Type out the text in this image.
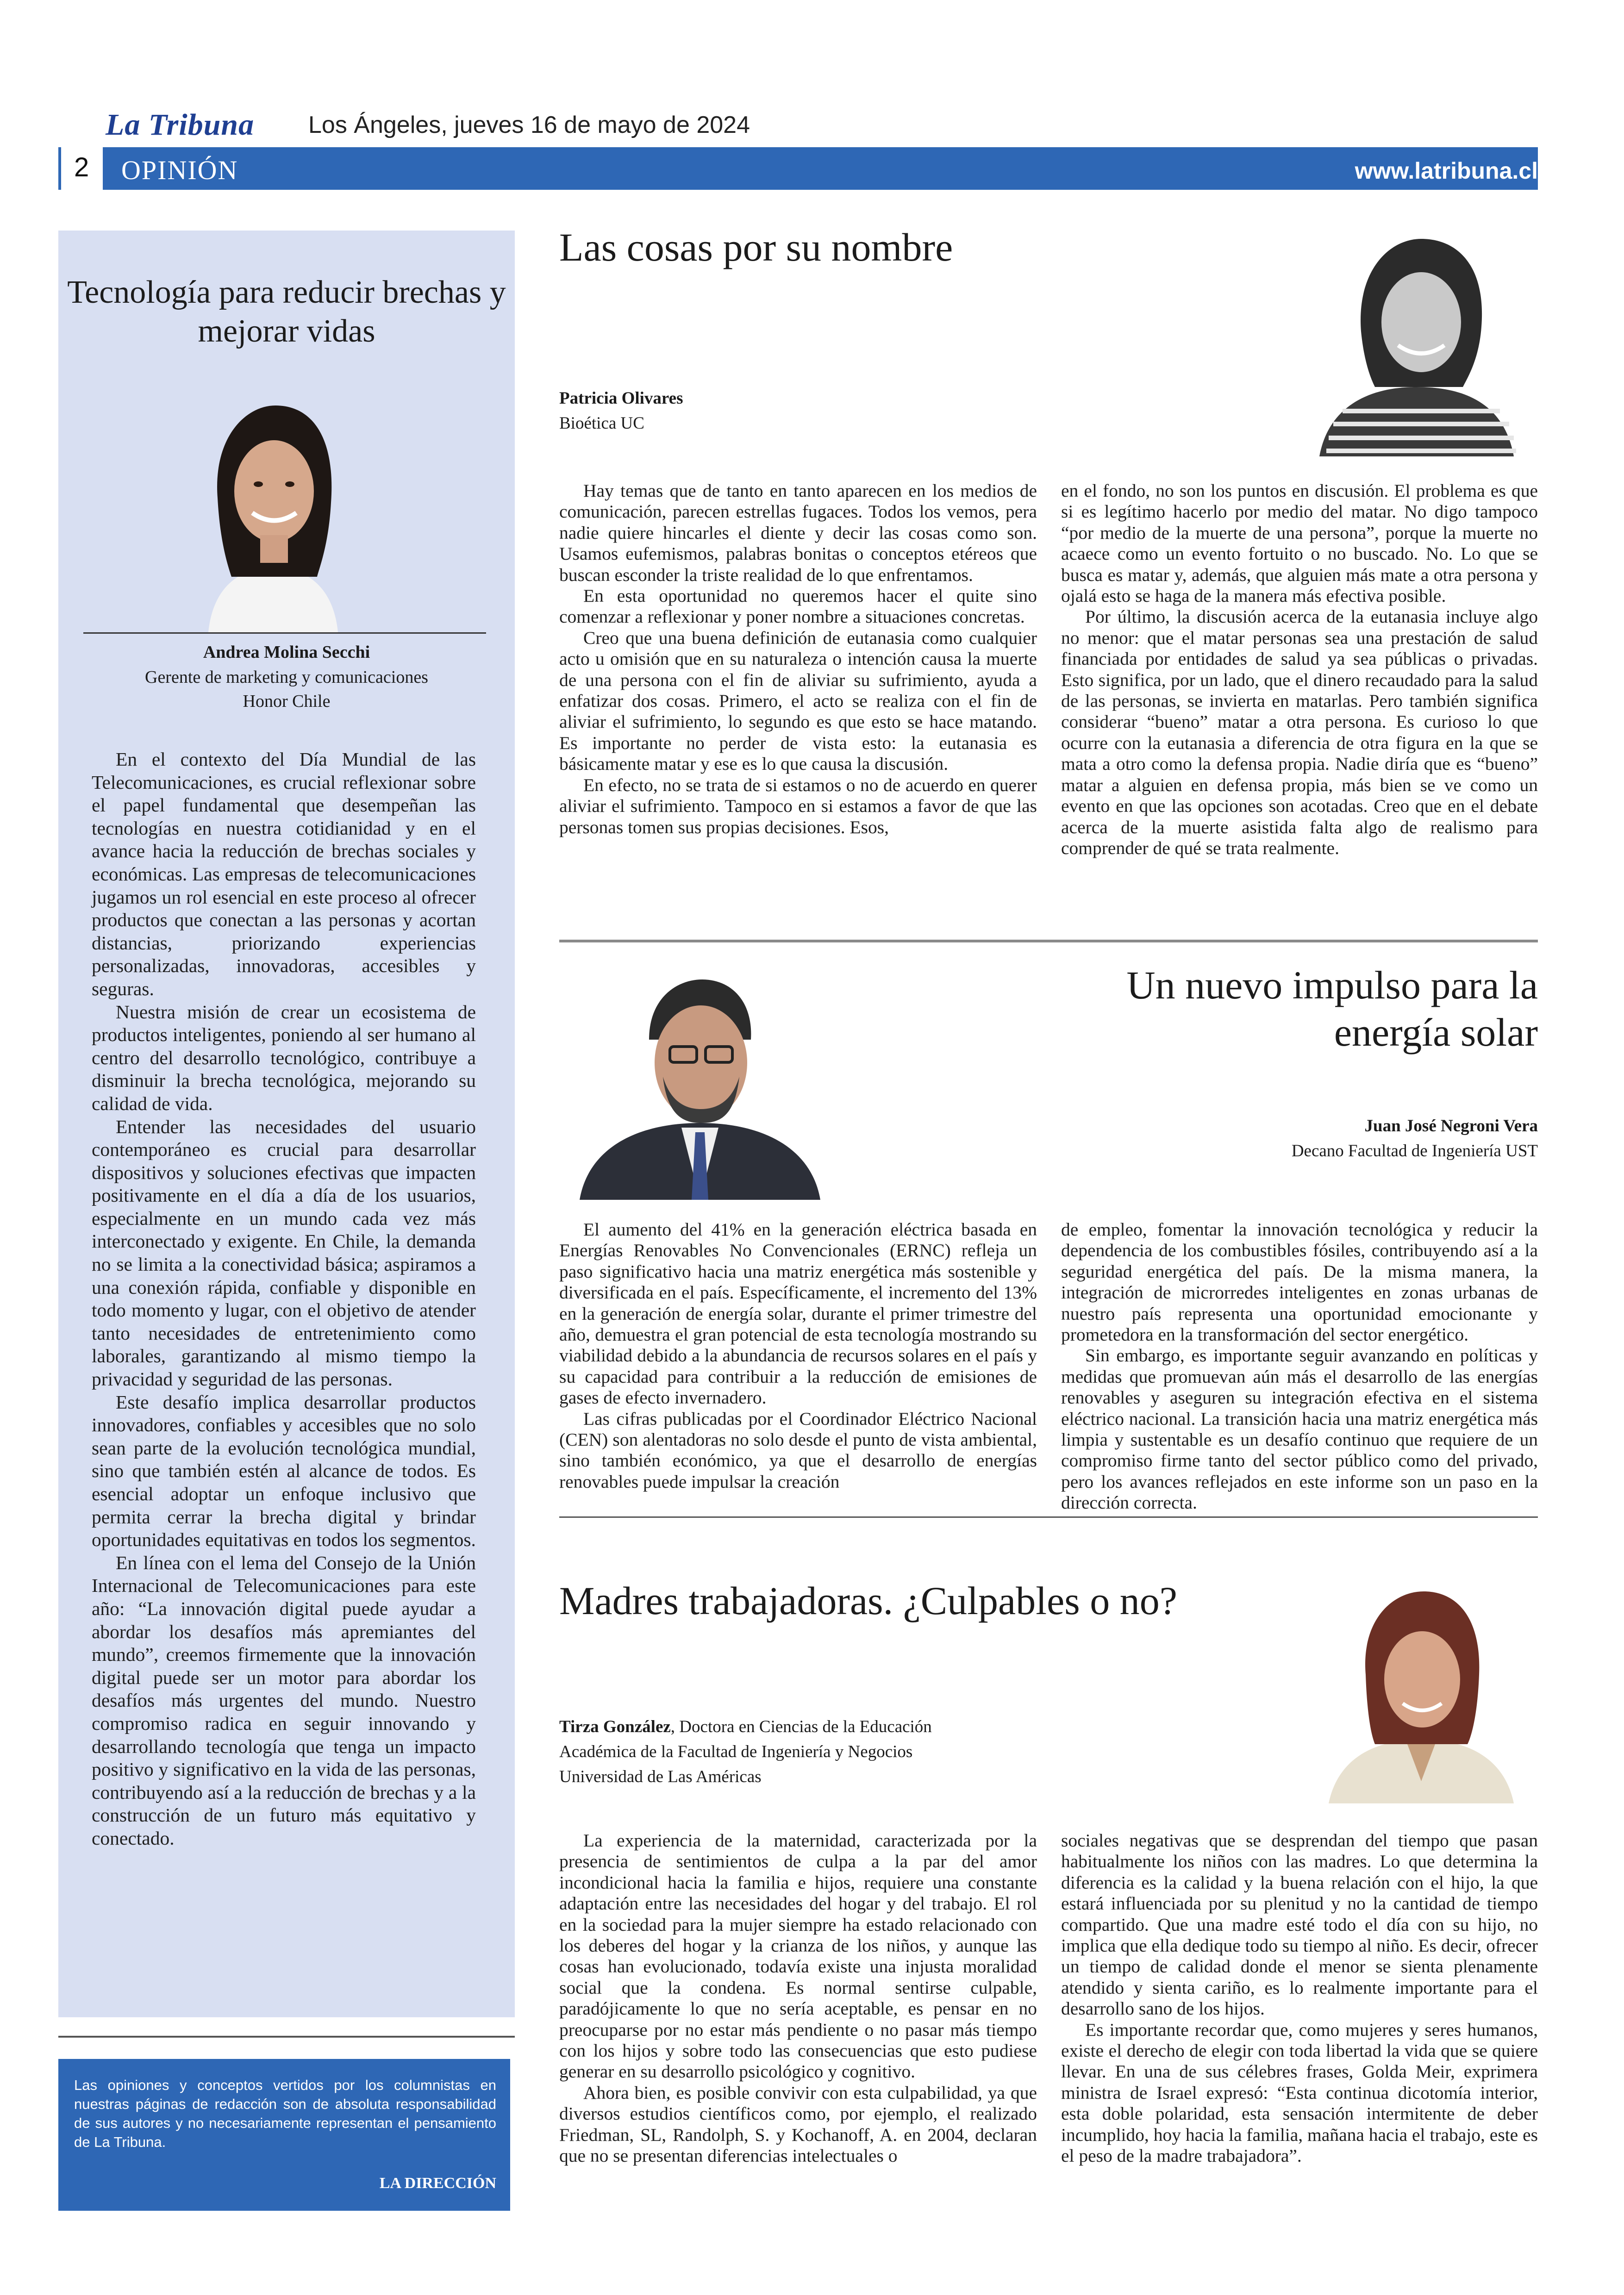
La Tribuna Los Ángeles, jueves 16 de mayo de 2024
2 OPINIÓN	www.latribuna.cl
Tecnología para reducir brechas y mejorar vidas
Andrea Molina Secchi
Gerente de marketing y comunicaciones
Honor Chile

En el contexto del Día Mundial de las Telecomunicaciones, es crucial reflexionar sobre el papel fundamental que desempeñan las tecnologías en nuestra cotidianidad y en el avance hacia la reducción de brechas sociales y económicas. Las empresas de telecomunicaciones jugamos un rol esencial en este proceso al ofrecer productos que conectan a las personas y acortan distancias, priorizando experiencias personalizadas, innovadoras, accesibles y seguras.

Nuestra misión de crear un ecosistema de productos inteligentes, poniendo al ser humano al centro del desarrollo tecnológico, contribuye a disminuir la brecha tecnológica, mejorando su calidad de vida.

Entender las necesidades del usuario contemporáneo es crucial para desarrollar dispositivos y soluciones efectivas que impacten positivamente en el día a día de los usuarios, especialmente en un mundo cada vez más interconectado y exigente. En Chile, la demanda no se limita a la conectividad básica; aspiramos a una conexión rápida, confiable y disponible en todo momento y lugar, con el objetivo de atender tanto necesidades de entretenimiento como laborales, garantizando al mismo tiempo la privacidad y seguridad de las personas.

Este desafío implica desarrollar productos innovadores, confiables y accesibles que no solo sean parte de la evolución tecnológica mundial, sino que también estén al alcance de todos. Es esencial adoptar un enfoque inclusivo que permita cerrar la brecha digital y brindar oportunidades equitativas en todos los segmentos.

En línea con el lema del Consejo de la Unión Internacional de Telecomunicaciones para este año: “La innovación digital puede ayudar a abordar los desafíos más apremiantes del mundo”, creemos firmemente que la innovación digital puede ser un motor para abordar los desafíos más urgentes del mundo. Nuestro compromiso radica en seguir innovando y desarrollando tecnología que tenga un impacto positivo y significativo en la vida de las personas, contribuyendo así a la reducción de brechas y a la construcción de un futuro más equitativo y conectado.

Las opiniones y conceptos vertidos por los columnistas en nuestras páginas de redacción son de absoluta responsabilidad de sus autores y no necesariamente representan el pensamiento de La Tribuna.
LA DIRECCIÓN
Las cosas por su nombre
Patricia Olivares
Bioética UC

Hay temas que de tanto en tanto aparecen en los medios de comunicación, parecen estrellas fugaces. Todos los vemos, pera nadie quiere hincarles el diente y decir las cosas como son. Usamos eufemismos, palabras bonitas o conceptos etéreos que buscan esconder la triste realidad de lo que enfrentamos.

En esta oportunidad no queremos hacer el quite sino comenzar a reflexionar y poner nombre a situaciones concretas.

Creo que una buena definición de eutanasia como cualquier acto u omisión que en su naturaleza o intención causa la muerte de una persona con el fin de aliviar su sufrimiento, ayuda a enfatizar dos cosas. Primero, el acto se realiza con el fin de aliviar el sufrimiento, lo segundo es que esto se hace matando. Es importante no perder de vista esto: la eutanasia es básicamente matar y ese es lo que causa la discusión.

En efecto, no se trata de si estamos o no de acuerdo en querer aliviar el sufrimiento. Tampoco en si estamos a favor de que las personas tomen sus propias decisiones. Esos,

en el fondo, no son los puntos en discusión. El problema es que si es legítimo hacerlo por medio del matar. No digo tampoco “por medio de la muerte de una persona”, porque la muerte no acaece como un evento fortuito o no buscado. No. Lo que se busca es matar y, además, que alguien más mate a otra persona y ojalá esto se haga de la manera más efectiva posible.

Por último, la discusión acerca de la eutanasia incluye algo no menor: que el matar personas sea una prestación de salud financiada por entidades de salud ya sea públicas o privadas. Esto significa, por un lado, que el dinero recaudado para la salud de las personas, se invierta en matarlas. Pero también significa considerar “bueno” matar a otra persona. Es curioso lo que ocurre con la eutanasia a diferencia de otra figura en la que se mata a otro como la defensa propia. Nadie diría que es “bueno” matar a alguien en defensa propia, más bien se ve como un evento en que las opciones son acotadas. Creo que en el debate acerca de la muerte asistida falta algo de realismo para comprender de qué se trata realmente.

Un nuevo impulso para la
energía solar
Juan José Negroni Vera
Decano Facultad de Ingeniería UST

El aumento del 41% en la generación eléctrica basada en Energías Renovables No Convencionales (ERNC) refleja un paso significativo hacia una matriz energética más sostenible y diversificada en el país. Específicamente, el incremento del 13% en la generación de energía solar, durante el primer trimestre del año, demuestra el gran potencial de esta tecnología mostrando su viabilidad debido a la abundancia de recursos solares en el país y su capacidad para contribuir a la reducción de emisiones de gases de efecto invernadero.

Las cifras publicadas por el Coordinador Eléctrico Nacional (CEN) son alentadoras no solo desde el punto de vista ambiental, sino también económico, ya que el desarrollo de energías renovables puede impulsar la creación

de empleo, fomentar la innovación tecnológica y reducir la dependencia de los combustibles fósiles, contribuyendo así a la seguridad energética del país. De la misma manera, la integración de microrredes inteligentes en zonas urbanas de nuestro país representa una oportunidad emocionante y prometedora en la transformación del sector energético.

Sin embargo, es importante seguir avanzando en políticas y medidas que promuevan aún más el desarrollo de las energías renovables y aseguren su integración efectiva en el sistema eléctrico nacional. La transición hacia una matriz energética más limpia y sustentable es un desafío continuo que requiere de un compromiso firme tanto del sector público como del privado, pero los avances reflejados en este informe son un paso en la dirección correcta.

Madres trabajadoras. ¿Culpables o no?
Tirza González, Doctora en Ciencias de la Educación
Académica de la Facultad de Ingeniería y Negocios
Universidad de Las Américas

La experiencia de la maternidad, caracterizada por la presencia de sentimientos de culpa a la par del amor incondicional hacia la familia e hijos, requiere una constante adaptación entre las necesidades del hogar y del trabajo. El rol en la sociedad para la mujer siempre ha estado relacionado con los deberes del hogar y la crianza de los niños, y aunque las cosas han evolucionado, todavía existe una injusta moralidad social que la condena. Es normal sentirse culpable, paradójicamente lo que no sería aceptable, es pensar en no preocuparse por no estar más pendiente o no pasar más tiempo con los hijos y sobre todo las consecuencias que esto pudiese generar en su desarrollo psicológico y cognitivo.

Ahora bien, es posible convivir con esta culpabilidad, ya que diversos estudios científicos como, por ejemplo, el realizado Friedman, SL, Randolph, S. y Kochanoff, A. en 2004, declaran que no se presentan diferencias intelectuales o

sociales negativas que se desprendan del tiempo que pasan habitualmente los niños con las madres. Lo que determina la diferencia es la calidad y la buena relación con el hijo, la que estará influenciada por su plenitud y no la cantidad de tiempo compartido. Que una madre esté todo el día con su hijo, no implica que ella dedique todo su tiempo al niño. Es decir, ofrecer un tiempo de calidad donde el menor se sienta plenamente atendido y sienta cariño, es lo realmente importante para el desarrollo sano de los hijos.

Es importante recordar que, como mujeres y seres humanos, existe el derecho de elegir con toda libertad la vida que se quiere llevar. En una de sus célebres frases, Golda Meir, exprimera ministra de Israel expresó: “Esta continua dicotomía interior, esta doble polaridad, esta sensación intermitente de deber incumplido, hoy hacia la familia, mañana hacia el trabajo, este es el peso de la madre trabajadora”.
